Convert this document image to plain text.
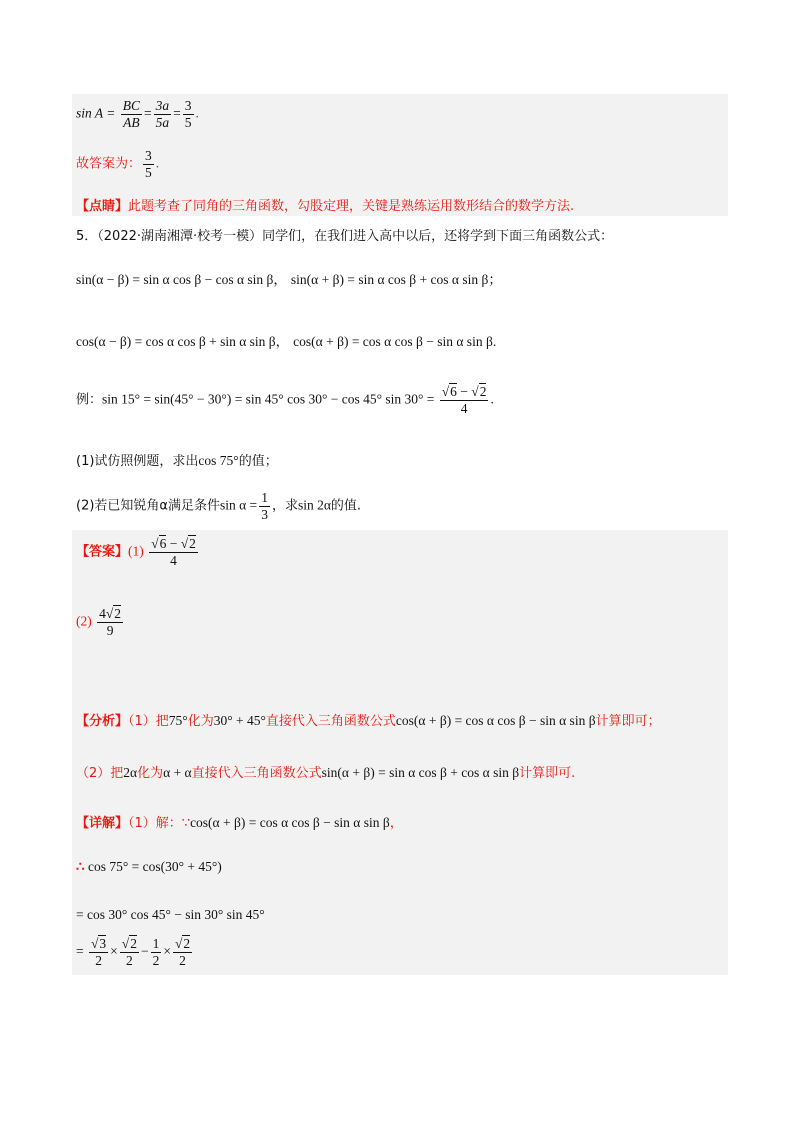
$\sin A = \frac{BC}{AB} = \frac{3a}{5a} = \frac{3}{5}$ .
故答案为： $\frac{3}{5}$ .
【点睛】此题考查了同角的三角函数，勾股定理，关键是熟练运用数形结合的数学方法.
5．（2022·湖南湘潭·校考一模）同学们，在我们进入高中以后，还将学到下面三角函数公式：
sin(α − β) = sin α cos β − cos α sin β， sin(α + β) = sin α cos β + cos α sin β；
cos(α − β) = cos α cos β + sin α sin β， cos(α + β) = cos α cos β − sin α sin β.
例：sin 15° = sin(45° − 30°) = sin 45° cos 30° − cos 45° sin 30° = √ $\frac{6 - √ 2}{4}$ .
(1)试仿照例题，求出cos 75°的值；
(2)若已知锐角α满足条件$\sin \alpha = \frac{1}{3}$ ，求sin 2α的值.
【答案】(1) √ $\frac{6 - √ 2}{4}$
$(2) \frac{4 √ 2}{9}$
【分析】（1）把75°化为30° + 45°直接代入三角函数公式cos(α + β) = cos α cos β − sin α sin β计算即可；
（2）把2α化为α + α直接代入三角函数公式sin(α + β) = sin α cos β + cos α sin β计算即可.
【详解】（1）解：∵cos(α + β) = cos α cos β − sin α sin β，
∴ cos 75° = cos(30° + 45°)
= cos 30° cos 45° − sin 30° sin 45°
= √ $\frac{3}{2}$ × √ $\frac{2}{2} - \frac{1}{2}$ × √ $\frac{2}{2}$
